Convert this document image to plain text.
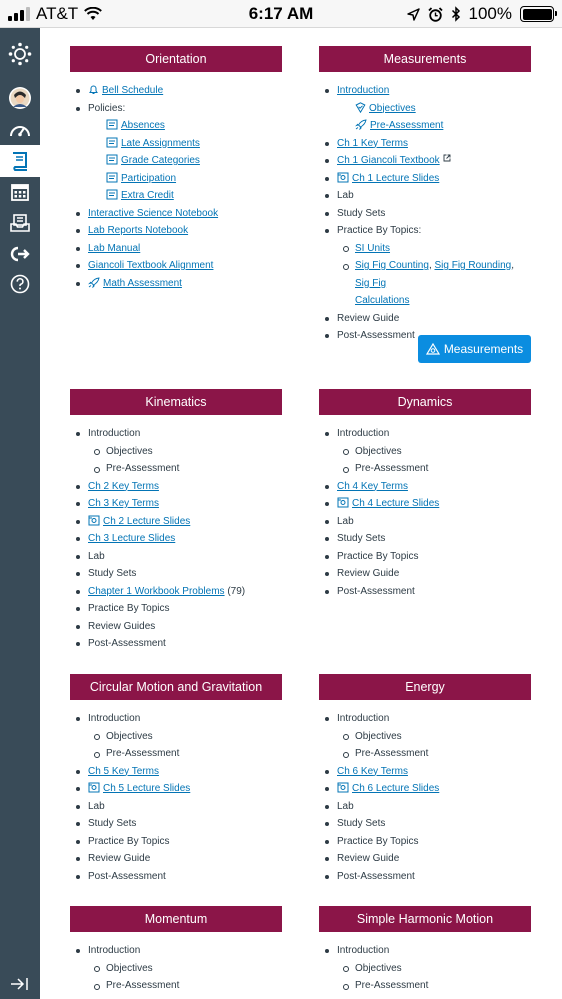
AT&T	6:17 AM	100%
Orientation
Bell Schedule
Policies:
Absences
Late Assignments
Grade Categories
Participation
Extra Credit
Interactive Science Notebook
Lab Reports Notebook
Lab Manual
Giancoli Textbook Alignment
Math Assessment
Measurements
Introduction
Objectives
Pre-Assessment
Ch 1 Key Terms
Ch 1 Giancoli Textbook
Ch 1 Lecture Slides
Lab
Study Sets
Practice By Topics:
SI Units
Sig Fig Counting, Sig Fig Rounding, Sig Fig
Calculations
Review Guide
Post-Assessment
Measurements
Kinematics
Introduction
Objectives
Pre-Assessment
Ch 2 Key Terms
Ch 3 Key Terms
Ch 2 Lecture Slides
Ch 3 Lecture Slides
Lab
Study Sets
Chapter 1 Workbook Problems (79)
Practice By Topics
Review Guides
Post-Assessment
Dynamics
Introduction
Objectives
Pre-Assessment
Ch 4 Key Terms
Ch 4 Lecture Slides
Lab
Study Sets
Practice By Topics
Review Guide
Post-Assessment
Circular Motion and Gravitation
Introduction
Objectives
Pre-Assessment
Ch 5 Key Terms
Ch 5 Lecture Slides
Lab
Study Sets
Practice By Topics
Review Guide
Post-Assessment
Energy
Introduction
Objectives
Pre-Assessment
Ch 6 Key Terms
Ch 6 Lecture Slides
Lab
Study Sets
Practice By Topics
Review Guide
Post-Assessment
Momentum
Introduction
Objectives
Pre-Assessment
Simple Harmonic Motion
Introduction
Objectives
Pre-Assessment
